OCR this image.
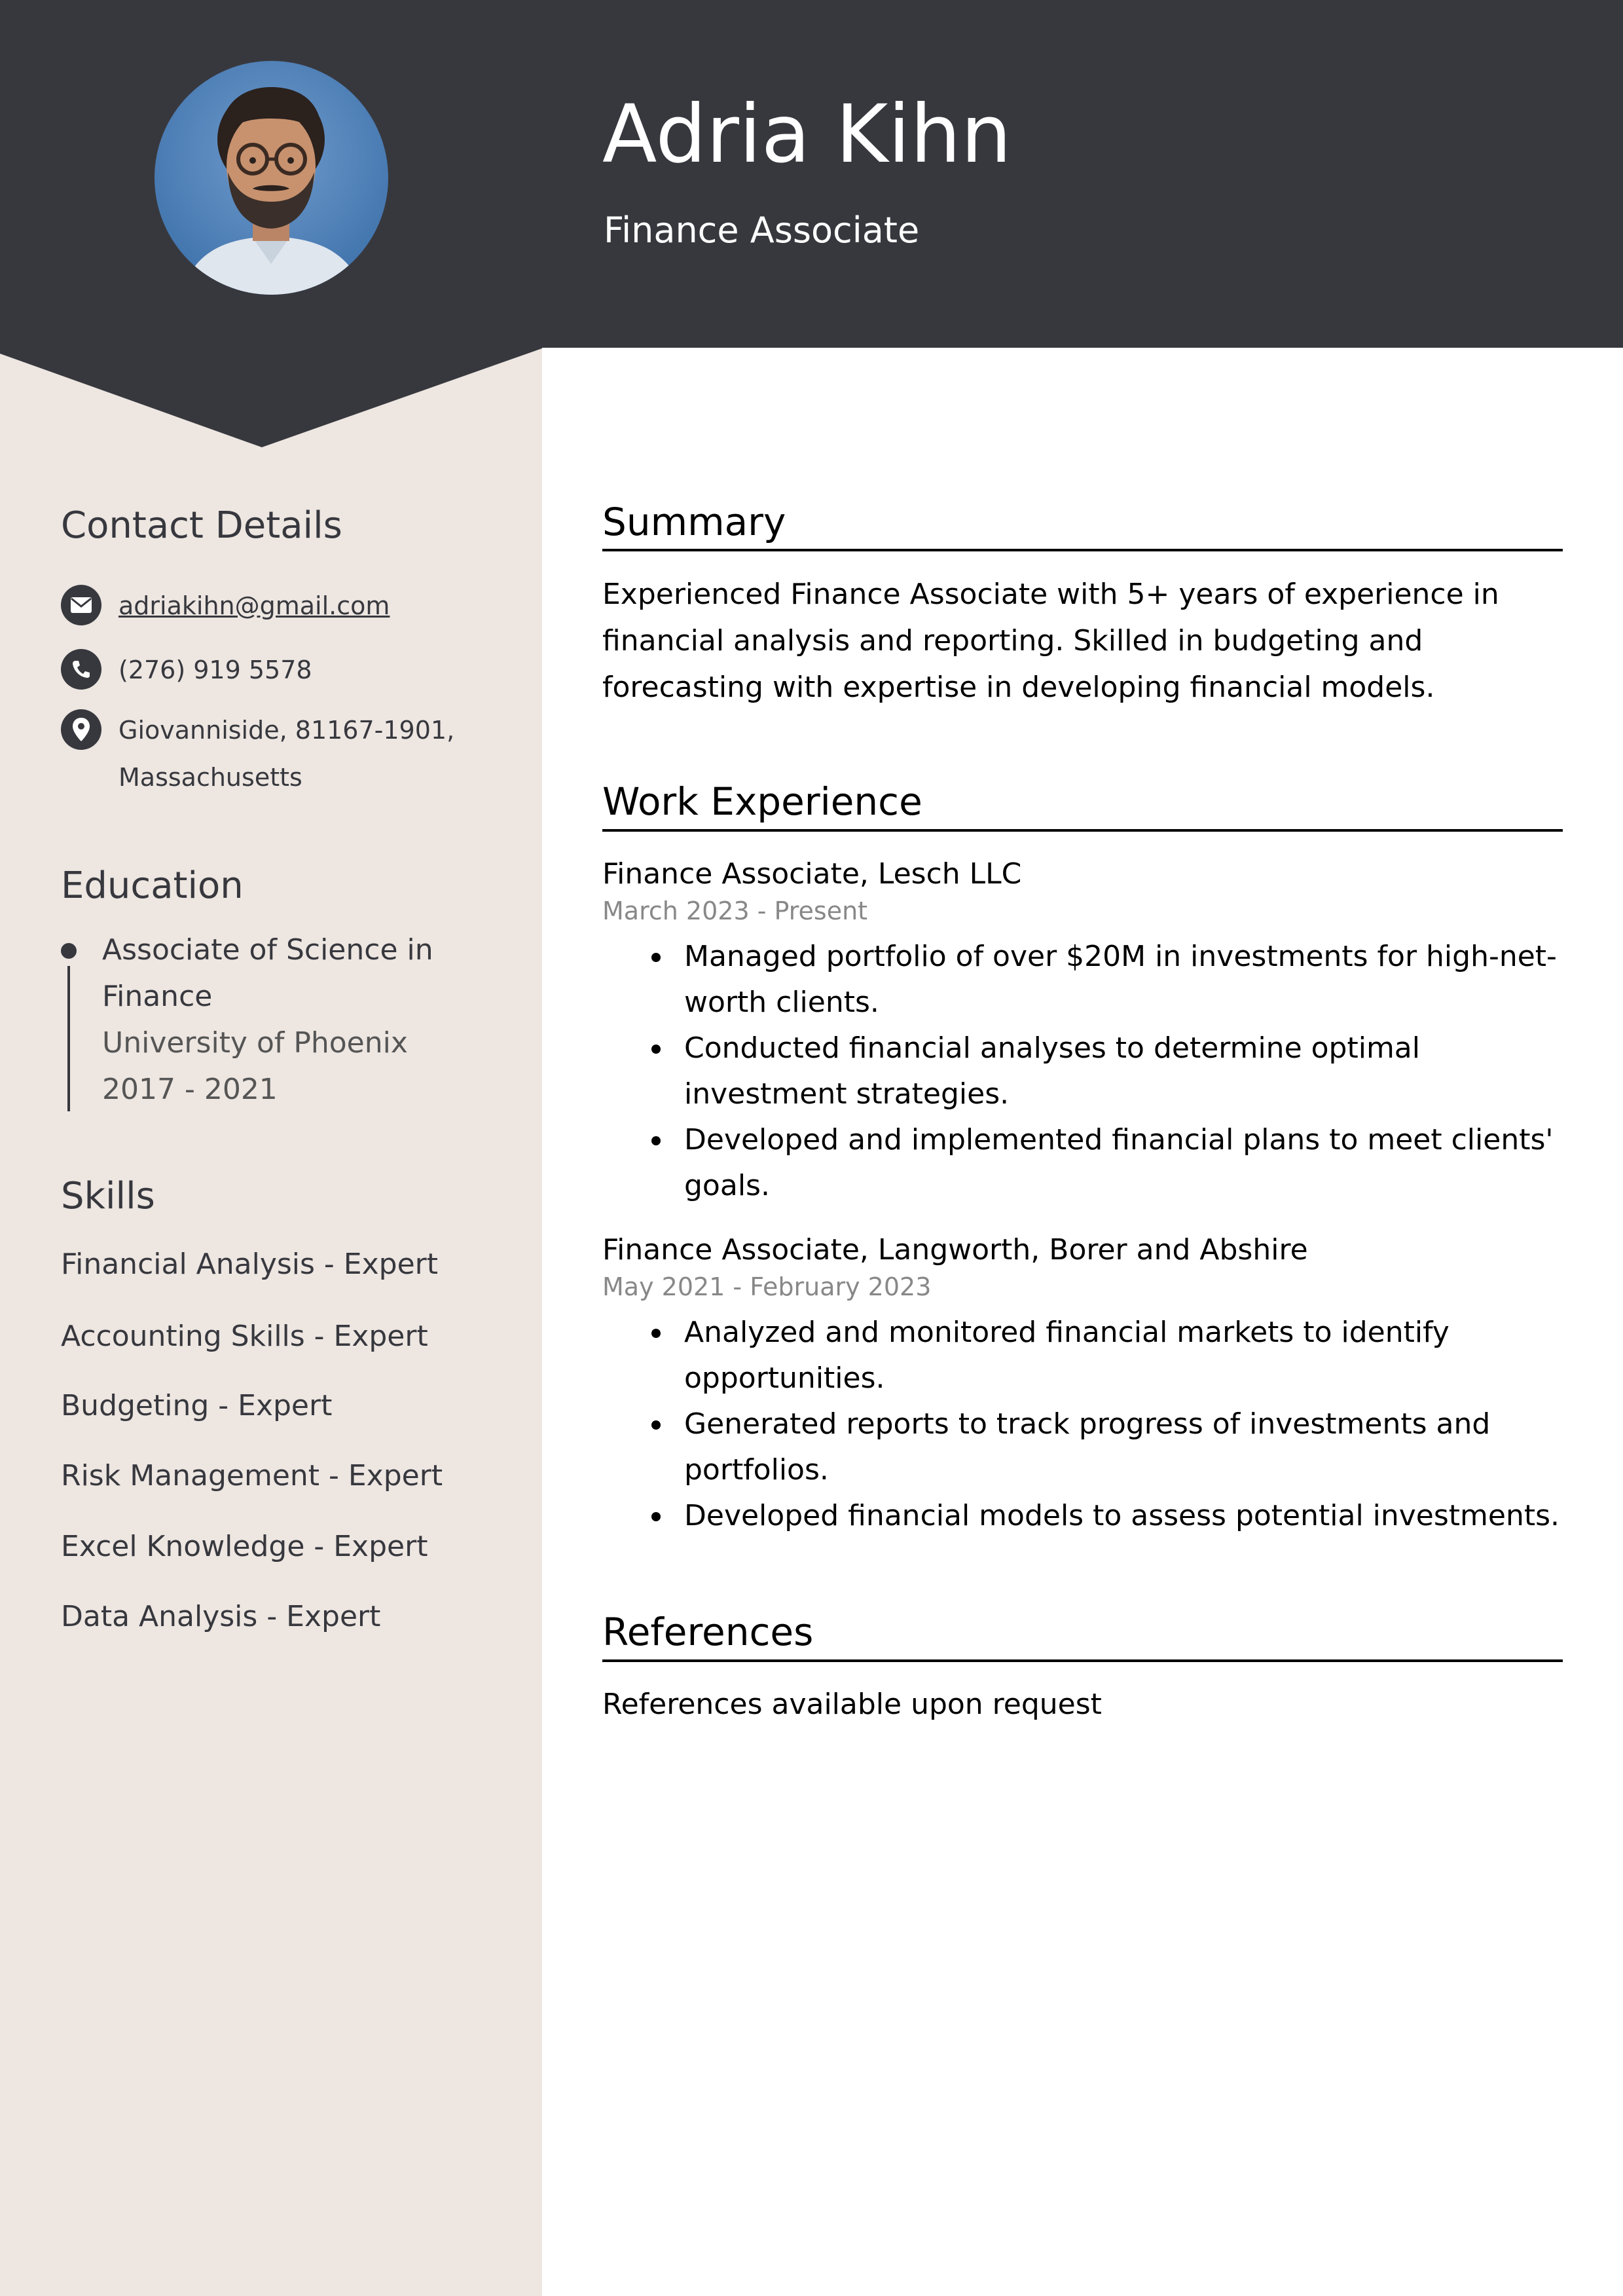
Adria Kihn
Finance Associate
Contact Details
adriakihn@gmail.com
(276) 919 5578
Giovanniside, 81167-1901,
Massachusetts
Education
Associate of Science in
Finance
University of Phoenix
2017 - 2021
Skills
Financial Analysis - Expert
Accounting Skills - Expert
Budgeting - Expert
Risk Management - Expert
Excel Knowledge - Expert
Data Analysis - Expert
Summary
Experienced Finance Associate with 5+ years of experience in financial analysis and reporting. Skilled in budgeting and forecasting with expertise in developing financial models.
Work Experience
Finance Associate, Lesch LLC
March 2023 - Present
Managed portfolio of over $20M in investments for high-net-worth clients.
Conducted financial analyses to determine optimal investment strategies.
Developed and implemented financial plans to meet clients' goals.
Finance Associate, Langworth, Borer and Abshire
May 2021 - February 2023
Analyzed and monitored financial markets to identify opportunities.
Generated reports to track progress of investments and portfolios.
Developed financial models to assess potential investments.
References
References available upon request
